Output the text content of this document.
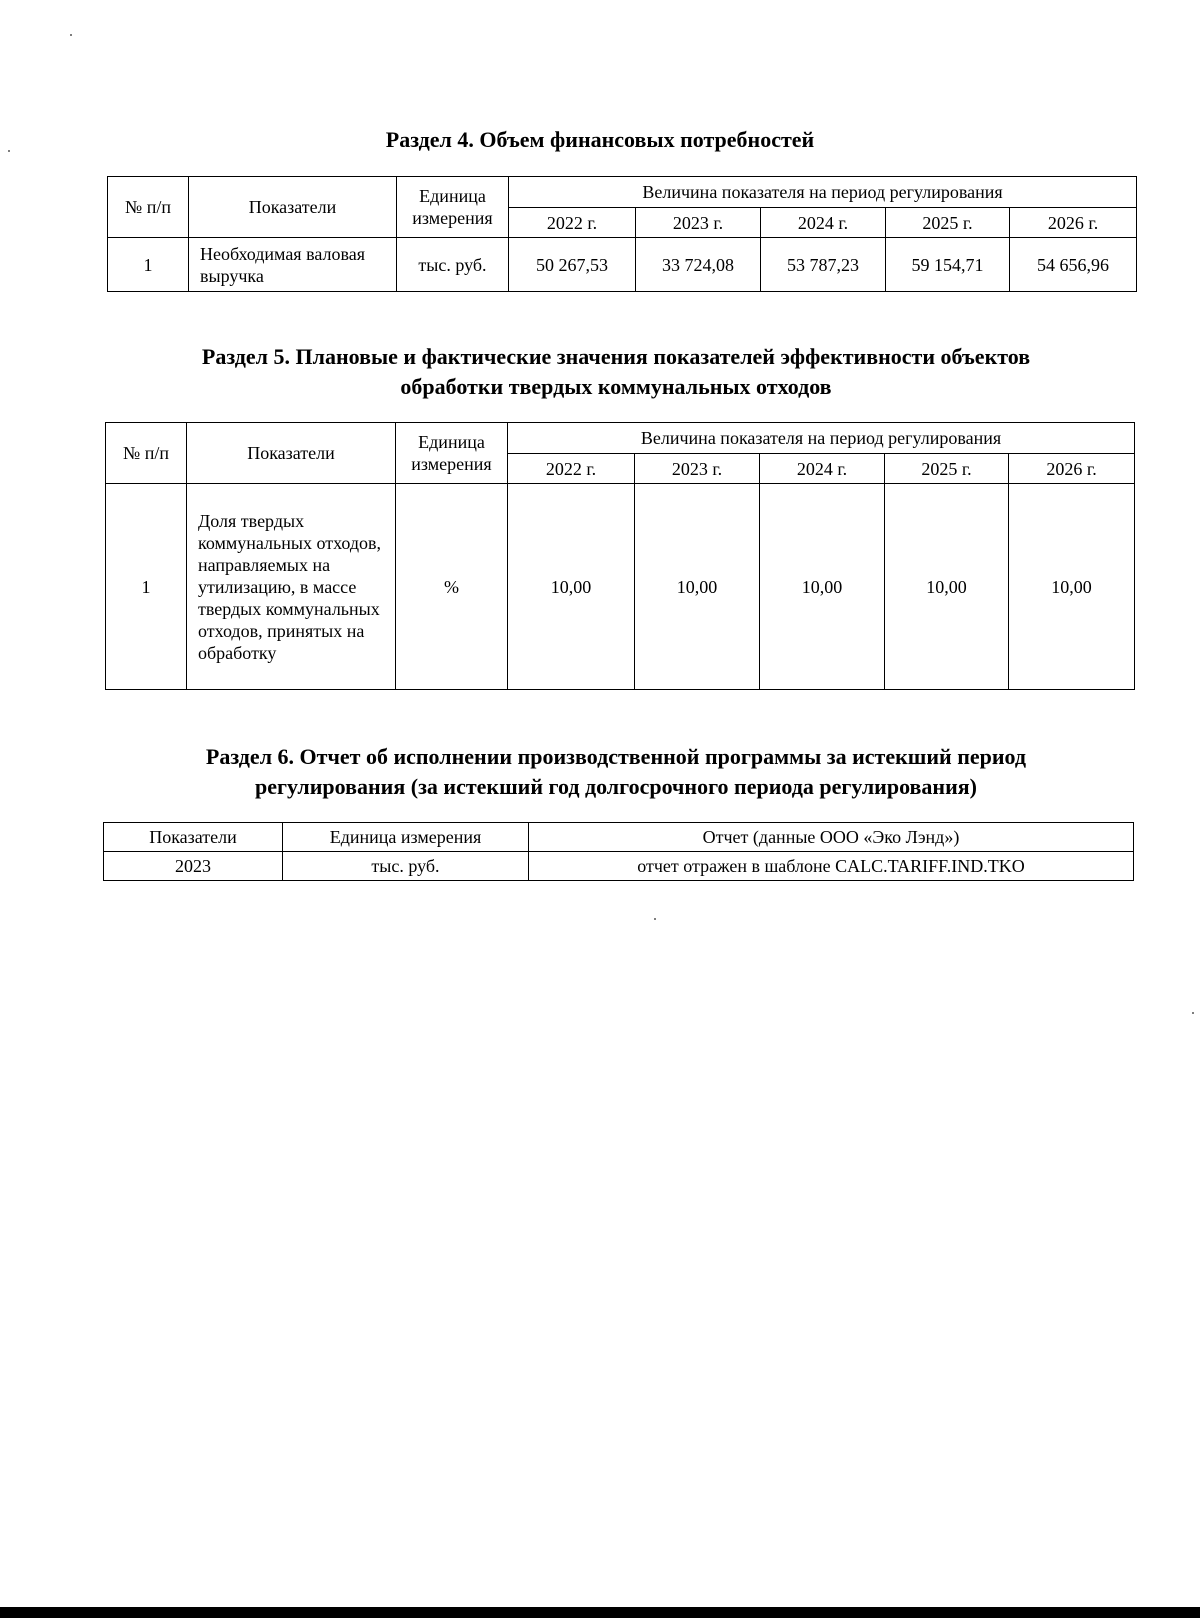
Раздел 4. Объем финансовых потребностей
№ п/п	Показатели	Единица измерения	Величина показателя на период регулирования				
			2022 г.	2023 г.	2024 г.	2025 г.	2026 г.
1	Необходимая валовая выручка	тыс. руб.	50 267,53	33 724,08	53 787,23	59 154,71	54 656,96
Раздел 5. Плановые и фактические значения показателей эффективности объектов обработки твердых коммунальных отходов
№ п/п	Показатели	Единица измерения	Величина показателя на период регулирования				
			2022 г.	2023 г.	2024 г.	2025 г.	2026 г.
1	Доля твердых коммунальных отходов, направляемых на утилизацию, в массе твердых коммунальных отходов, принятых на обработку	%	10,00	10,00	10,00	10,00	10,00
Раздел 6. Отчет об исполнении производственной программы за истекший период регулирования (за истекший год долгосрочного периода регулирования)
Показатели	Единица измерения	Отчет (данные ООО «Эко Лэнд»)
2023	тыс. руб.	отчет отражен в шаблоне CALC.TARIFF.IND.TKO
